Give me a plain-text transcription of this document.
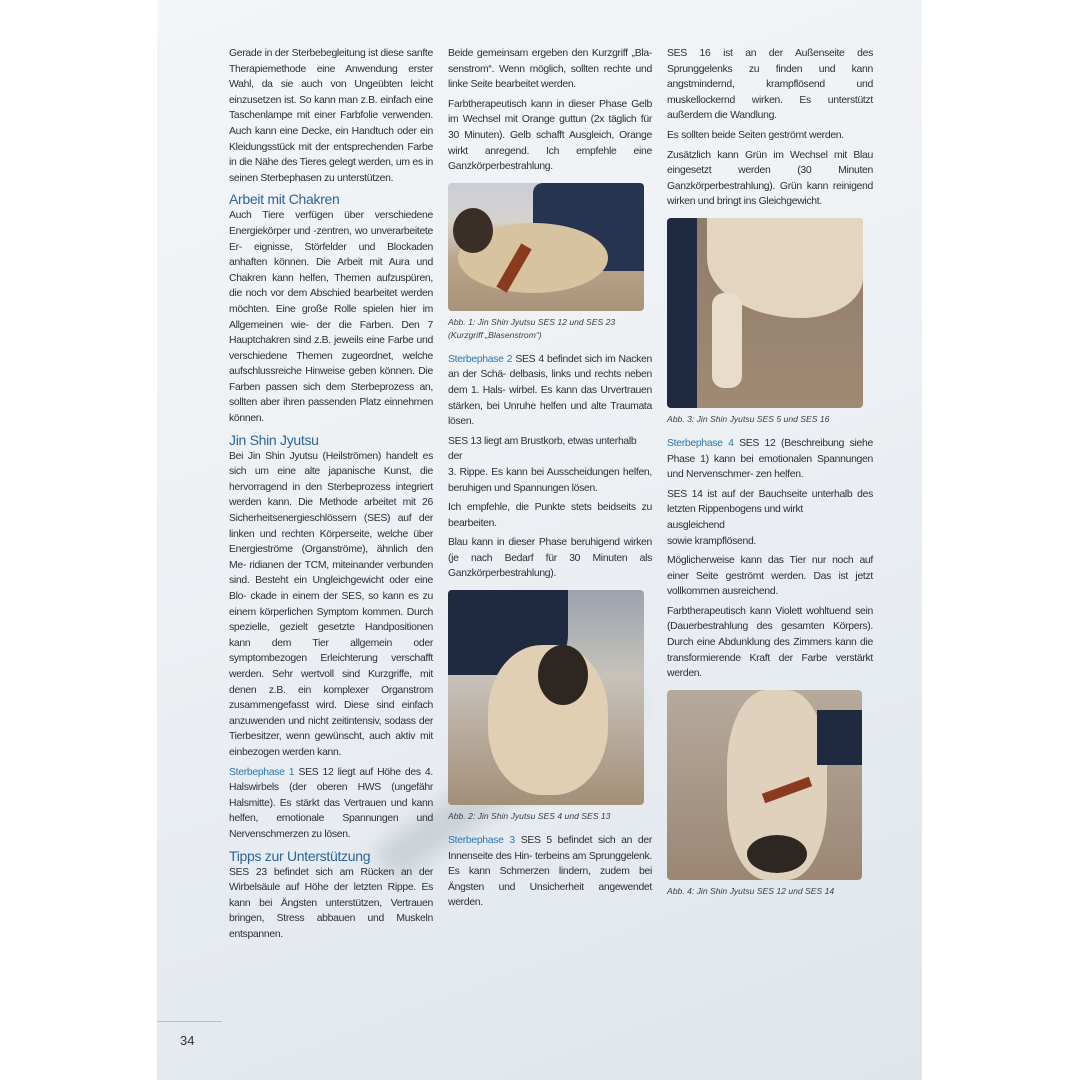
Gerade in der Sterbebegleitung ist diese sanfte Therapiemethode eine Anwendung erster Wahl, da sie auch von Ungeübten leicht einzusetzen ist. So kann man z.B. einfach eine Taschenlampe mit einer Farbfolie verwenden. Auch kann eine Decke, ein Handtuch oder ein Kleidungsstück mit der entsprechenden Farbe in die Nähe des Tieres gelegt werden, um es in seinen Sterbephasen zu unterstützen.

Arbeit mit Chakren

Auch Tiere verfügen über verschiedene Energiekörper und -zentren, wo unverarbeitete Er- eignisse, Störfelder und Blockaden anhaften können. Die Arbeit mit Aura und Chakren kann helfen, Themen aufzuspüren, die noch vor dem Abschied bearbeitet werden möchten. Eine große Rolle spielen hier im Allgemeinen wie- der die Farben. Den 7 Hauptchakren sind z.B. jeweils eine Farbe und verschiedene Themen zugeordnet, welche aufschlussreiche Hinweise geben können. Die Farben passen sich dem Sterbeprozess an, sollten aber ihren passenden Platz einnehmen können.

Jin Shin Jyutsu

Bei Jin Shin Jyutsu (Heilströmen) handelt es sich um eine alte japanische Kunst, die hervorragend in den Sterbeprozess integriert werden kann. Die Methode arbeitet mit 26 Sicherheitsenergieschlössern (SES) auf der linken und rechten Körperseite, welche über Energieströme (Organströme), ähnlich den Me- ridianen der TCM, miteinander verbunden sind. Besteht ein Ungleichgewicht oder eine Blo- ckade in einem der SES, so kann es zu einem körperlichen Symptom kommen. Durch spezielle, gezielt gesetzte Handpositionen kann dem Tier allgemein oder symptombezogen Erleichterung verschafft werden. Sehr wertvoll sind Kurzgriffe, mit denen z.B. ein komplexer Organstrom zusammengefasst wird. Diese sind einfach anzuwenden und nicht zeitintensiv, sodass der Tierbesitzer, wenn gewünscht, auch aktiv mit einbezogen werden kann.

Sterbephase 1 SES 12 liegt auf Höhe des 4. Halswirbels (der oberen HWS (ungefähr Halsmitte). Es stärkt das Vertrauen und kann helfen, emotionale Spannungen und Nervenschmerzen zu lösen.

Tipps zur Unterstützung

SES 23 befindet sich am Rücken an der Wirbelsäule auf Höhe der letzten Rippe. Es kann bei Ängsten unterstützen, Vertrauen bringen, Stress abbauen und Muskeln entspannen.

Beide gemeinsam ergeben den Kurzgriff „Bla- senstrom“. Wenn möglich, sollten rechte und linke Seite bearbeitet werden.

Farbtherapeutisch kann in dieser Phase Gelb im Wechsel mit Orange guttun (2x täglich für 30 Minuten). Gelb schafft Ausgleich, Orange wirkt anregend. Ich empfehle eine Ganzkörperbestrahlung.

Abb. 1: Jin Shin Jyutsu SES 12 und SES 23 (Kurzgriff „Blasenstrom“)

Sterbephase 2 SES 4 befindet sich im Nacken an der Schä- delbasis, links und rechts neben dem 1. Hals- wirbel. Es kann das Urvertrauen stärken, bei Unruhe helfen und alte Traumata lösen.

SES 13 liegt am Brustkorb, etwas unterhalb

der

3. Rippe. Es kann bei Ausscheidungen helfen, beruhigen und Spannungen lösen.

Ich empfehle, die Punkte stets beidseits zu bearbeiten.

Blau kann in dieser Phase beruhigend wirken (je nach Bedarf für 30 Minuten als Ganzkörperbestrahlung).

Abb. 2: Jin Shin Jyutsu SES 4 und SES 13

Sterbephase 3 SES 5 befindet sich an der Innenseite des Hin- terbeins am Sprunggelenk. Es kann Schmerzen lindern, zudem bei Ängsten und Unsicherheit angewendet werden.

SES 16 ist an der Außenseite des Sprunggelenks zu finden und kann angstmindernd, krampflösend und muskellockernd wirken. Es unterstützt außerdem die Wandlung.

Es sollten beide Seiten geströmt werden.

Zusätzlich kann Grün im Wechsel mit Blau eingesetzt werden (30 Minuten Ganzkörperbestrahlung). Grün kann reinigend wirken und bringt ins Gleichgewicht.

Abb. 3: Jin Shin Jyutsu SES 5 und SES 16

Sterbephase 4 SES 12 (Beschreibung siehe Phase 1) kann bei emotionalen Spannungen und Nervenschmer- zen helfen.

SES 14 ist auf der Bauchseite unterhalb des letzten Rippenbogens und wirkt

ausgleichend

sowie krampflösend.

Möglicherweise kann das Tier nur noch auf einer Seite geströmt werden. Das ist jetzt vollkommen ausreichend.

Farbtherapeutisch kann Violett wohltuend sein (Dauerbestrahlung des gesamten Körpers). Durch eine Abdunklung des Zimmers kann die transformierende Kraft der Farbe verstärkt werden.

Abb. 4: Jin Shin Jyutsu SES 12 und SES 14
34
